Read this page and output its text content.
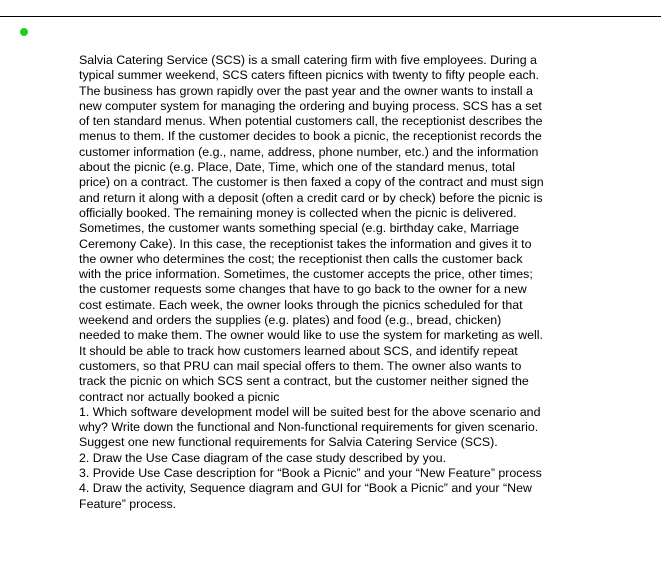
Salvia Catering Service (SCS) is a small catering firm with five employees. During a
typical summer weekend, SCS caters fifteen picnics with twenty to fifty people each.
The business has grown rapidly over the past year and the owner wants to install a
new computer system for managing the ordering and buying process. SCS has a set
of ten standard menus. When potential customers call, the receptionist describes the
menus to them. If the customer decides to book a picnic, the receptionist records the
customer information (e.g., name, address, phone number, etc.) and the information
about the picnic (e.g. Place, Date, Time, which one of the standard menus, total
price) on a contract. The customer is then faxed a copy of the contract and must sign
and return it along with a deposit (often a credit card or by check) before the picnic is
officially booked. The remaining money is collected when the picnic is delivered.
Sometimes, the customer wants something special (e.g. birthday cake, Marriage
Ceremony Cake). In this case, the receptionist takes the information and gives it to
the owner who determines the cost; the receptionist then calls the customer back
with the price information. Sometimes, the customer accepts the price, other times;
the customer requests some changes that have to go back to the owner for a new
cost estimate. Each week, the owner looks through the picnics scheduled for that
weekend and orders the supplies (e.g. plates) and food (e.g., bread, chicken)
needed to make them. The owner would like to use the system for marketing as well.
It should be able to track how customers learned about SCS, and identify repeat
customers, so that PRU can mail special offers to them. The owner also wants to
track the picnic on which SCS sent a contract, but the customer neither signed the
contract nor actually booked a picnic

1. Which software development model will be suited best for the above scenario and
why? Write down the functional and Non-functional requirements for given scenario.
Suggest one new functional requirements for Salvia Catering Service (SCS).
2. Draw the Use Case diagram of the case study described by you.
3. Provide Use Case description for “Book a Picnic” and your “New Feature” process
4. Draw the activity, Sequence diagram and GUI for “Book a Picnic” and your “New
Feature” process.
